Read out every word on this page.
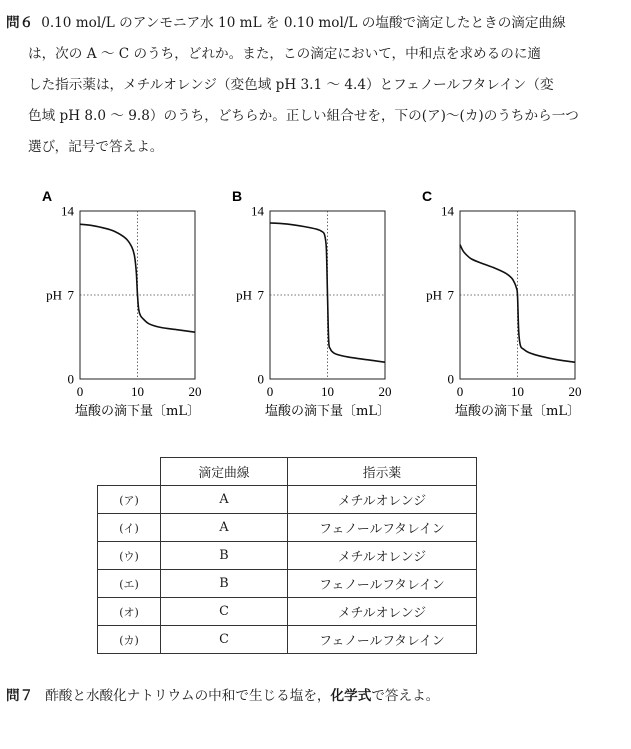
問６ 0.10 mol/L のアンモニア水 10 mL を 0.10 mol/L の塩酸で滴定したときの滴定曲線
は，次の A ～ C のうち，どれか。また，この滴定において，中和点を求めるのに適
した指示薬は，メチルオレンジ（変色域 pH 3.1 ～ 4.4）とフェノールフタレイン（変
色域 pH 8.0 ～ 9.8）のうち，どちらか。正しい組合せを，下の(ア)～(カ)のうちから一つ
選び，記号で答えよ。

A
0
7
14
pH
0	10	20
塩酸の滴下量〔mL〕
B
0
7
14
pH
0	10	20
塩酸の滴下量〔mL〕
C
0
7
14
pH
0	10	20
塩酸の滴下量〔mL〕
	滴定曲線	指示薬
(ア)	A	メチルオレンジ
(イ)	A	フェノールフタレイン
(ウ)	B	メチルオレンジ
(エ)	B	フェノールフタレイン
(オ)	C	メチルオレンジ
(カ)	C	フェノールフタレイン

問７ 酢酸と水酸化ナトリウムの中和で生じる塩を，化学式で答えよ。
